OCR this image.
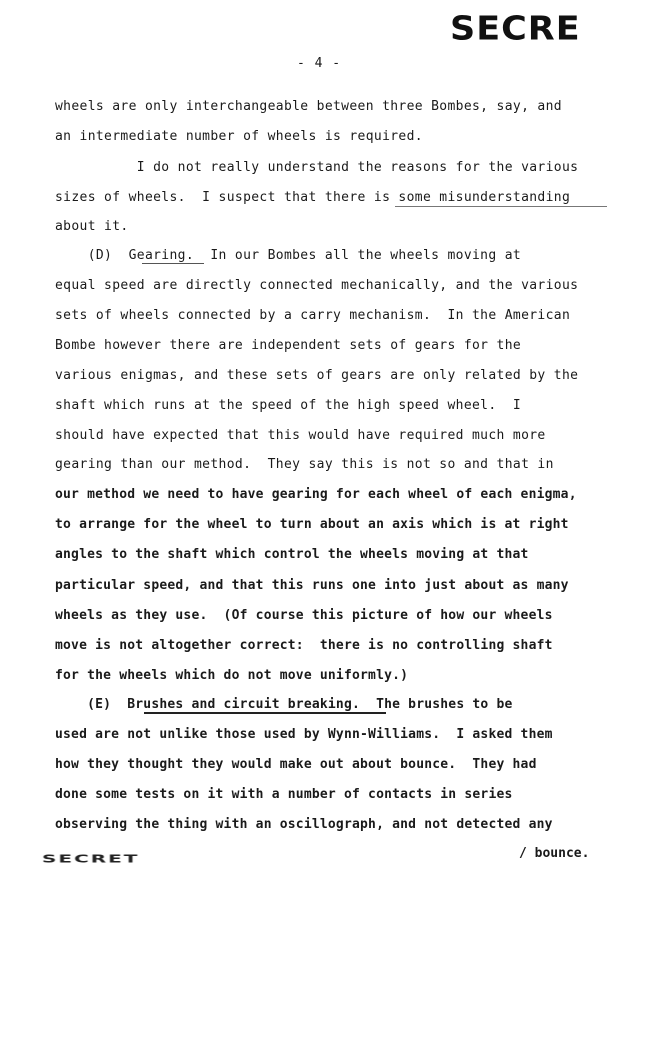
SECRE
- 4 -
wheels are only interchangeable between three Bombes, say, and
an intermediate number of wheels is required.
I do not really understand the reasons for the various
sizes of wheels.  I suspect that there is some misunderstanding
about it.
(D)  Gearing.  In our Bombes all the wheels moving at
equal speed are directly connected mechanically, and the various
sets of wheels connected by a carry mechanism.  In the American
Bombe however there are independent sets of gears for the
various enigmas, and these sets of gears are only related by the
shaft which runs at the speed of the high speed wheel.  I
should have expected that this would have required much more
gearing than our method.  They say this is not so and that in
our method we need to have gearing for each wheel of each enigma,
to arrange for the wheel to turn about an axis which is at right
angles to the shaft which control the wheels moving at that
particular speed, and that this runs one into just about as many
wheels as they use.  (Of course this picture of how our wheels
move is not altogether correct:  there is no controlling shaft
for the wheels which do not move uniformly.)
(E)  Brushes and circuit breaking.  The brushes to be
used are not unlike those used by Wynn-Williams.  I asked them
how they thought they would make out about bounce.  They had
done some tests on it with a number of contacts in series
observing the thing with an oscillograph, and not detected any
SECRET	/ bounce.
